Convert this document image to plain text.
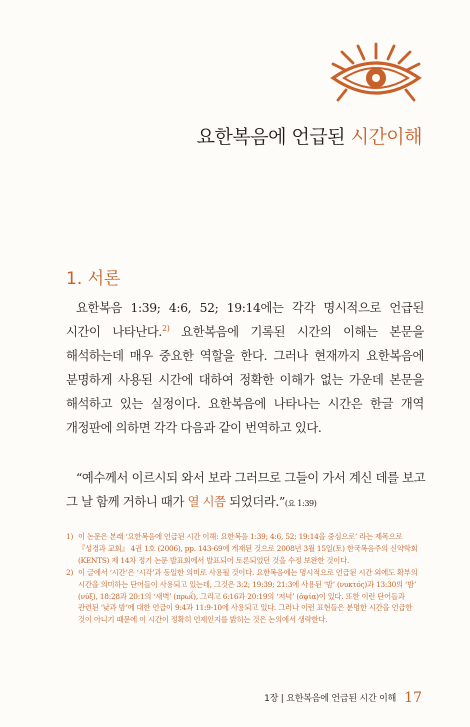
요한복음에 언급된 시간이해
1. 서론

요한복음 1:39; 4:6, 52; 19:14에는 각각 명시적으로 언급된 시간이 나타난다.$^{2)}$ 요한복음에 기록된 시간의 이해는 본문을 해석하는데 매우 중요한 역할을 한다. 그러나 현재까지 요한복음에 분명하게 사용된 시간에 대하여 정확한 이해가 없는 가운데 본문을 해석하고 있는 실정이다. 요한복음에 나타나는 시간은 한글 개역 개정판에 의하면 각각 다음과 같이 번역하고 있다.

“예수께서 이르시되 와서 보라 그러므로 그들이 가서 계신 데를 보고 그 날 함께 거하니 때가 열 시쯤 되었더라.”(요 1:39)

1) 이 논문은 본래 ‘요한복음에 언급된 시간 이해: 요한복음 1:39; 4:6, 52; 19:14을 중심으로’ 라는 제목으로 『성경과 교회』 4권 1호 (2006), pp. 143-69에 게재된 것으로 2008년 3월 15일(토) 한국복음주의 신약학회(KENTS) 제 14차 정기 논문 발표회에서 발표되어 토론되었던 것을 수정 보완한 것이다.

2) 이 글에서 ‘시간’은 ‘시각’과 동일한 의미로 사용될 것이다. 요한복음에는 명시적으로 언급된 시간 외에도 확부의 시간을 의미하는 단어들이 사용되고 있는데, 그것은 3:2; 19:39; 21:3에 사용된 ‘밤’ (νυκτός)과 13:30의 ‘밤’ (νύξ), 18:28과 20:1의 ‘새벽’ (πρωΐ), 그리고 6:16과 20:19의 ‘저녁’ (ὀψία)이 있다. 또한 이런 단어들과 관련된 ‘낮과 밤’에 대한 언급이 9:4과 11:9-10에 사용되고 있다. 그러나 이런 표현들은 분명한 시간을 언급한 것이 아니기 때문에 이 시간이 정확히 언제인지를 밝히는 것은 논의에서 생략한다.

1장 | 요한복음에 언급된 시간 이해 17
